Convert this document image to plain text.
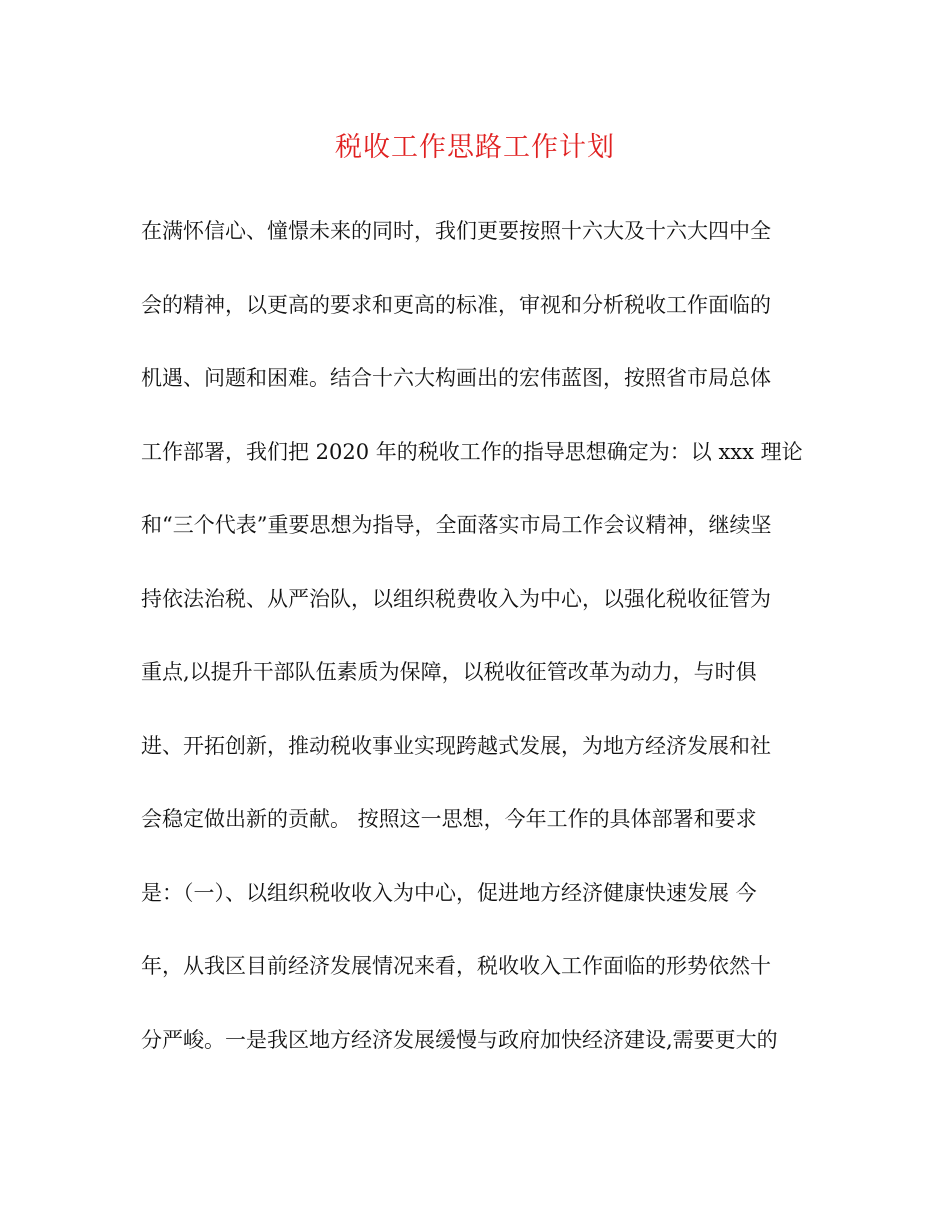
税收工作思路工作计划
在满怀信心、憧憬未来的同时，我们更要按照十六大及十六大四中全
会的精神，以更高的要求和更高的标准，审视和分析税收工作面临的
机遇、问题和困难。结合十六大构画出的宏伟蓝图，按照省市局总体
工作部署，我们把 2020 年的税收工作的指导思想确定为：以 xxx 理论
和“三个代表”重要思想为指导，全面落实市局工作会议精神，继续坚
持依法治税、从严治队，以组织税费收入为中心，以强化税收征管为
重点,以提升干部队伍素质为保障，以税收征管改革为动力，与时俱
进、开拓创新，推动税收事业实现跨越式发展，为地方经济发展和社
会稳定做出新的贡献。 按照这一思想，今年工作的具体部署和要求
是：（一）、以组织税收收入为中心，促进地方经济健康快速发展 今
年，从我区目前经济发展情况来看，税收收入工作面临的形势依然十
分严峻。一是我区地方经济发展缓慢与政府加快经济建设,需要更大的
